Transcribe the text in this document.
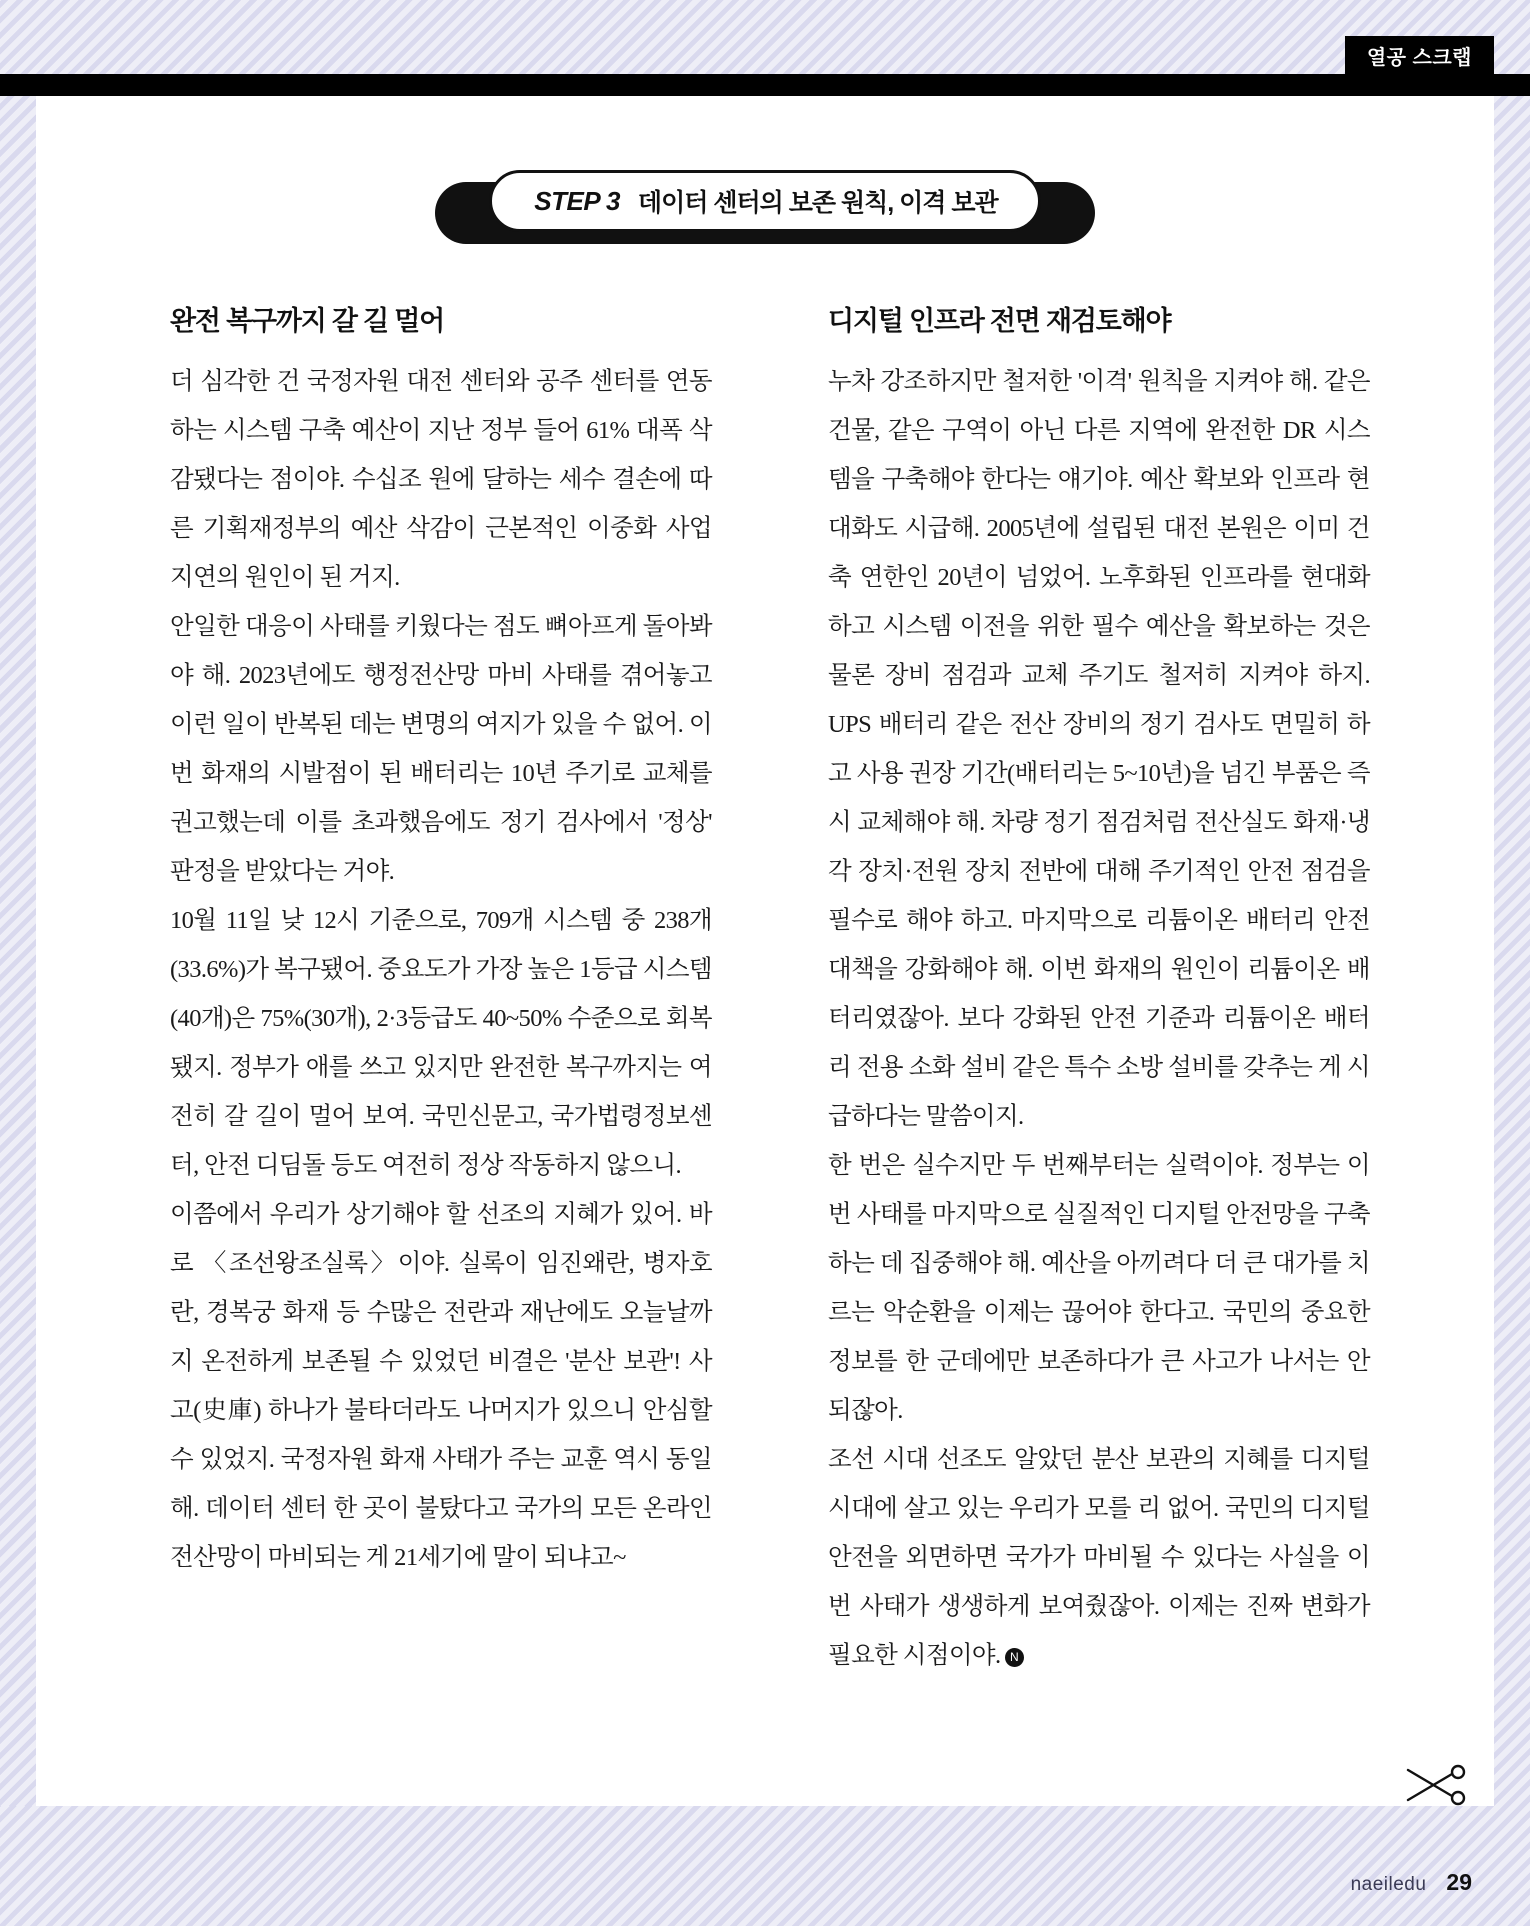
열공 스크랩
STEP 3 데이터 센터의 보존 원칙, 이격 보관
완전 복구까지 갈 길 멀어

더 심각한 건 국정자원 대전 센터와 공주 센터를 연동하는 시스템 구축 예산이 지난 정부 들어 61% 대폭 삭감됐다는 점이야. 수십조 원에 달하는 세수 결손에 따른 기획재정부의 예산 삭감이 근본적인 이중화 사업 지연의 원인이 된 거지.

안일한 대응이 사태를 키웠다는 점도 뼈아프게 돌아봐야 해. 2023년에도 행정전산망 마비 사태를 겪어놓고 이런 일이 반복된 데는 변명의 여지가 있을 수 없어. 이번 화재의 시발점이 된 배터리는 10년 주기로 교체를 권고했는데 이를 초과했음에도 정기 검사에서 '정상' 판정을 받았다는 거야.

10월 11일 낮 12시 기준으로, 709개 시스템 중 238개(33.6%)가 복구됐어. 중요도가 가장 높은 1등급 시스템(40개)은 75%(30개), 2·3등급도 40~50% 수준으로 회복됐지. 정부가 애를 쓰고 있지만 완전한 복구까지는 여전히 갈 길이 멀어 보여. 국민신문고, 국가법령정보센터, 안전 디딤돌 등도 여전히 정상 작동하지 않으니.

이쯤에서 우리가 상기해야 할 선조의 지혜가 있어. 바로 〈조선왕조실록〉이야. 실록이 임진왜란, 병자호란, 경복궁 화재 등 수많은 전란과 재난에도 오늘날까지 온전하게 보존될 수 있었던 비결은 '분산 보관'! 사고(史庫) 하나가 불타더라도 나머지가 있으니 안심할 수 있었지. 국정자원 화재 사태가 주는 교훈 역시 동일해. 데이터 센터 한 곳이 불탔다고 국가의 모든 온라인 전산망이 마비되는 게 21세기에 말이 되냐고~

디지털 인프라 전면 재검토해야

누차 강조하지만 철저한 '이격' 원칙을 지켜야 해. 같은 건물, 같은 구역이 아닌 다른 지역에 완전한 DR 시스템을 구축해야 한다는 얘기야. 예산 확보와 인프라 현대화도 시급해. 2005년에 설립된 대전 본원은 이미 건축 연한인 20년이 넘었어. 노후화된 인프라를 현대화하고 시스템 이전을 위한 필수 예산을 확보하는 것은 물론 장비 점검과 교체 주기도 철저히 지켜야 하지. UPS 배터리 같은 전산 장비의 정기 검사도 면밀히 하고 사용 권장 기간(배터리는 5~10년)을 넘긴 부품은 즉시 교체해야 해. 차량 정기 점검처럼 전산실도 화재·냉각 장치·전원 장치 전반에 대해 주기적인 안전 점검을 필수로 해야 하고. 마지막으로 리튬이온 배터리 안전 대책을 강화해야 해. 이번 화재의 원인이 리튬이온 배터리였잖아. 보다 강화된 안전 기준과 리튬이온 배터리 전용 소화 설비 같은 특수 소방 설비를 갖추는 게 시급하다는 말씀이지.

한 번은 실수지만 두 번째부터는 실력이야. 정부는 이번 사태를 마지막으로 실질적인 디지털 안전망을 구축하는 데 집중해야 해. 예산을 아끼려다 더 큰 대가를 치르는 악순환을 이제는 끊어야 한다고. 국민의 중요한 정보를 한 군데에만 보존하다가 큰 사고가 나서는 안 되잖아.

조선 시대 선조도 알았던 분산 보관의 지혜를 디지털 시대에 살고 있는 우리가 모를 리 없어. 국민의 디지털 안전을 외면하면 국가가 마비될 수 있다는 사실을 이번 사태가 생생하게 보여줬잖아. 이제는 진짜 변화가 필요한 시점이야. N

naeiledu 29
